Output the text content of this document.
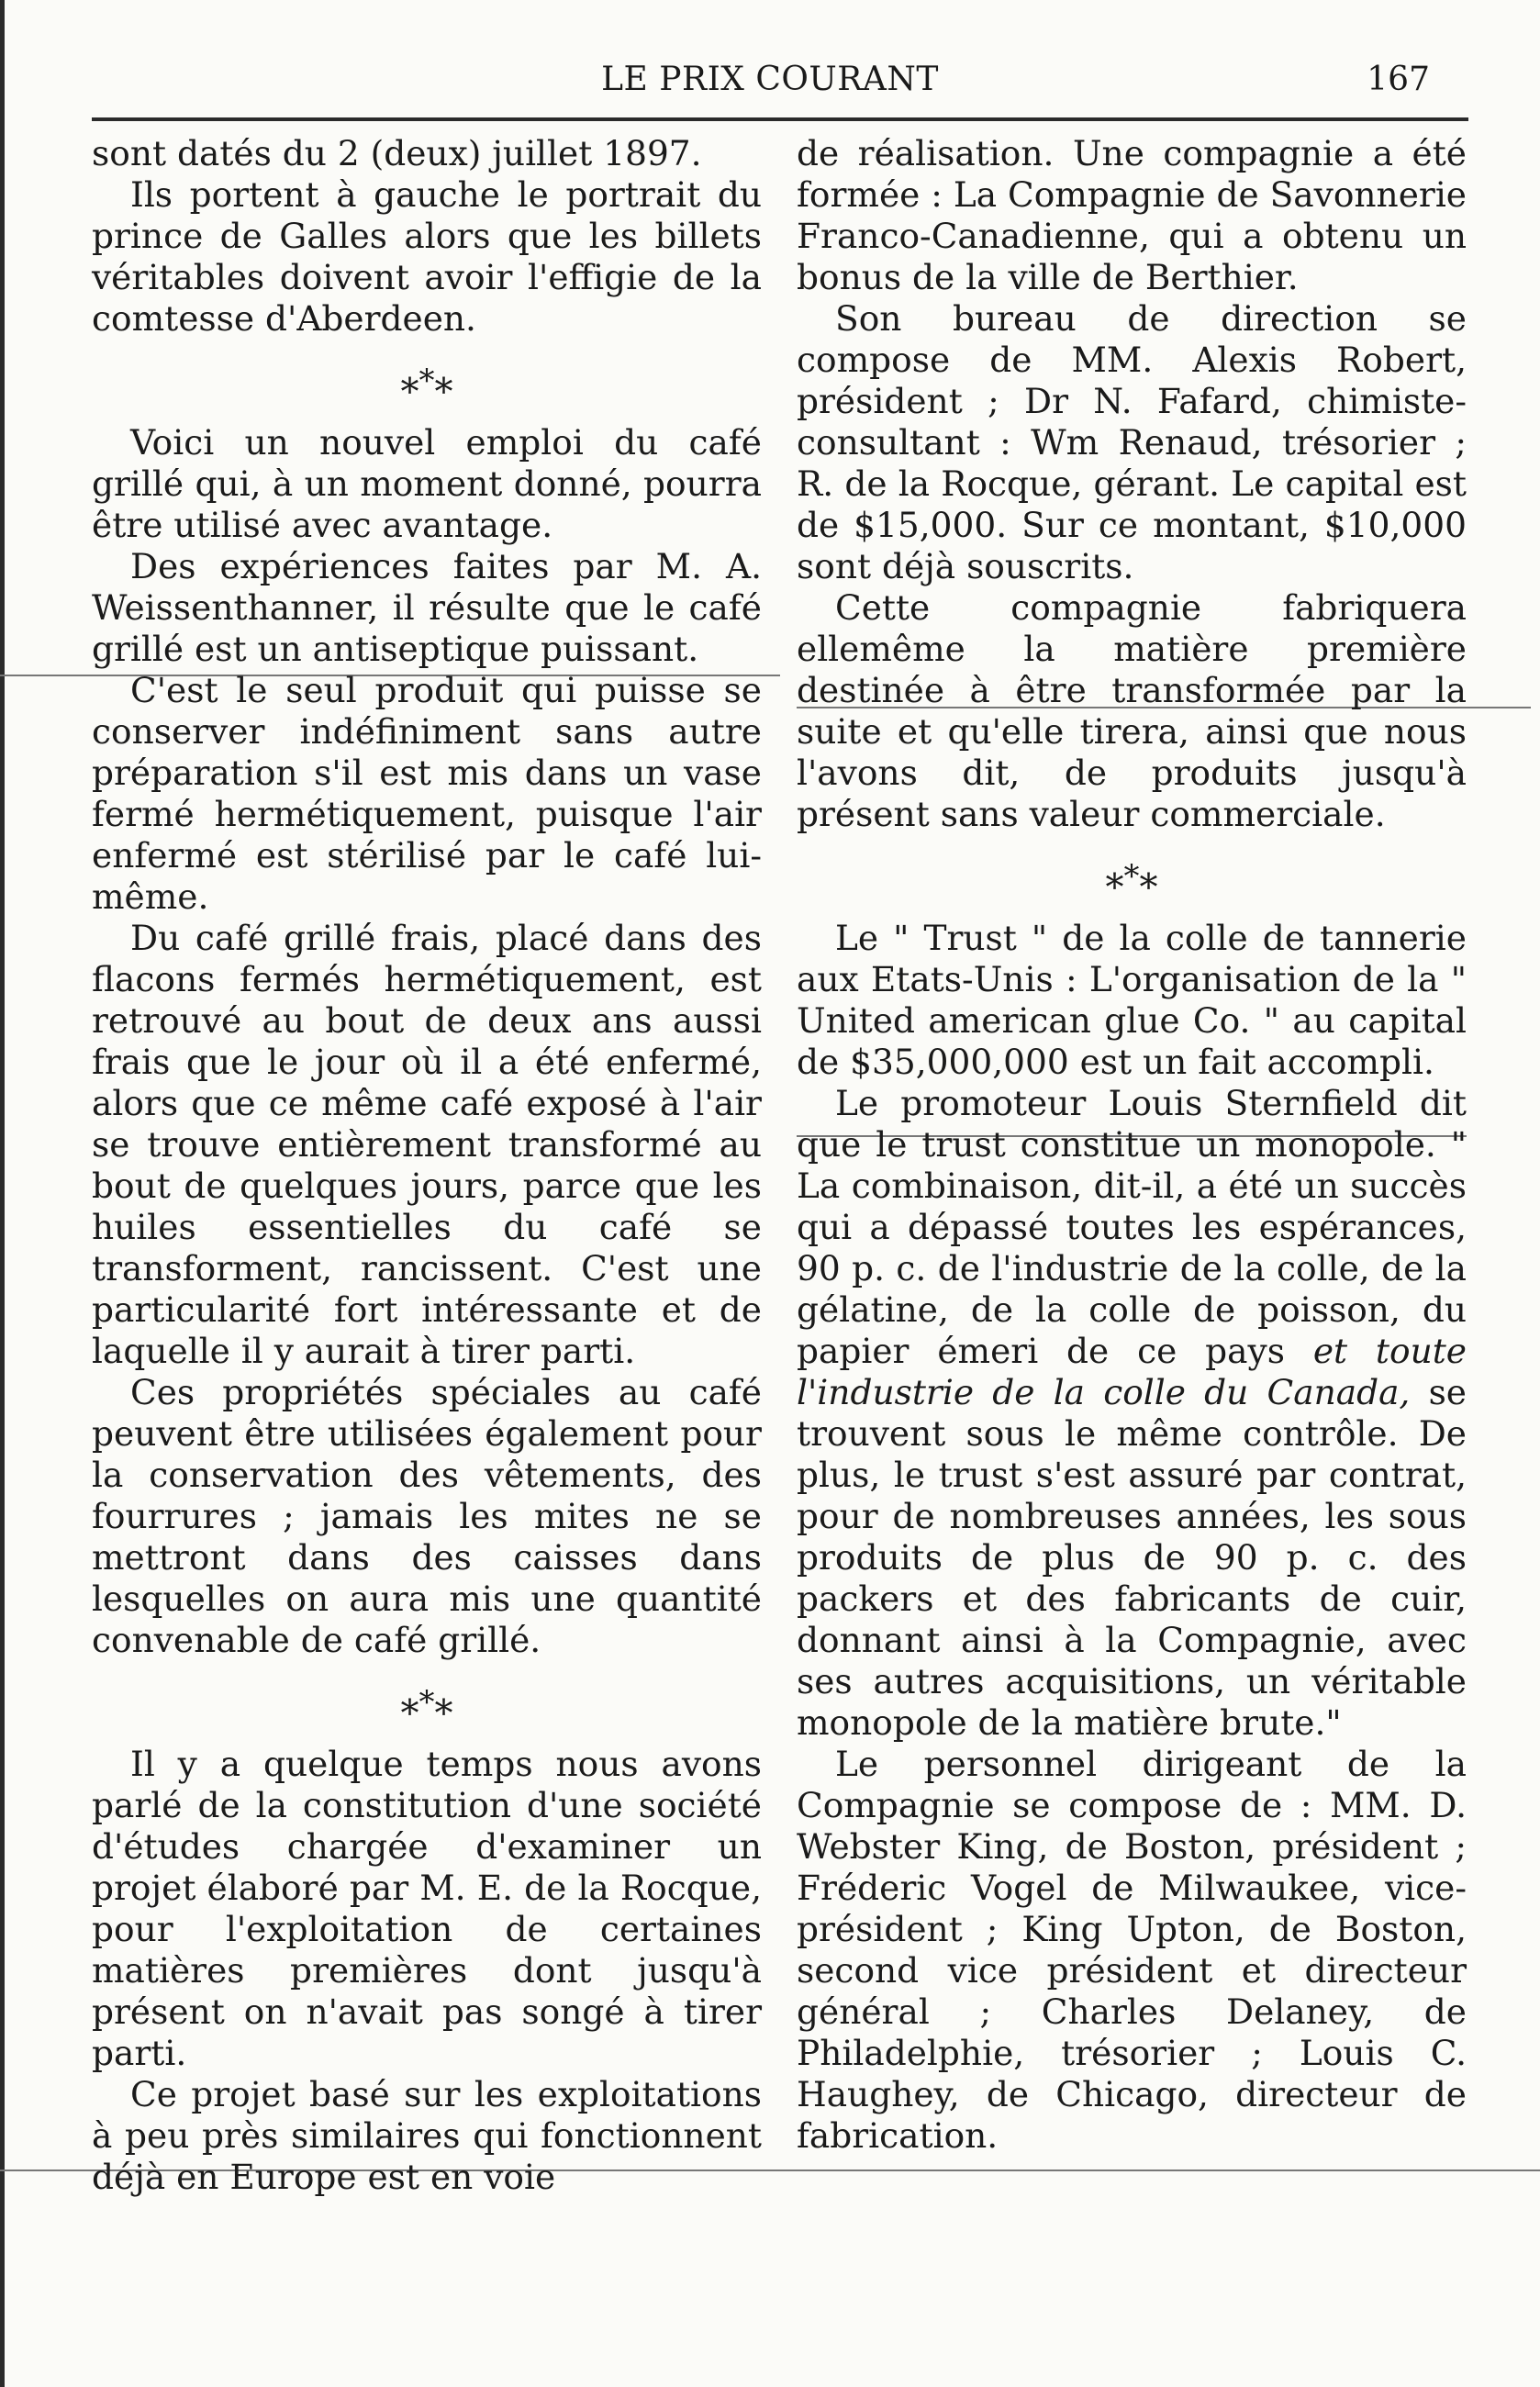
LE PRIX COURANT	167

sont datés du 2 (deux) juillet 1897.

Ils portent à gauche le portrait du prince de Galles alors que les billets véritables doivent avoir l'effigie de la comtesse d'Aberdeen.

***

Voici un nouvel emploi du café grillé qui, à un moment donné, pourra être utilisé avec avantage.

Des expériences faites par M. A. Weissenthanner, il résulte que le café grillé est un antiseptique puissant.

C'est le seul produit qui puisse se conserver indéfiniment sans autre préparation s'il est mis dans un vase fermé hermétiquement, puisque l'air enfermé est stérilisé par le café lui-même.

Du café grillé frais, placé dans des flacons fermés hermétiquement, est retrouvé au bout de deux ans aussi frais que le jour où il a été enfermé, alors que ce même café exposé à l'air se trouve entièrement transformé au bout de quelques jours, parce que les huiles essentielles du café se transforment, rancissent. C'est une particularité fort intéressante et de laquelle il y aurait à tirer parti.

Ces propriétés spéciales au café peuvent être utilisées également pour la conservation des vêtements, des fourrures ; jamais les mites ne se mettront dans des caisses dans lesquelles on aura mis une quantité convenable de café grillé.

***

Il y a quelque temps nous avons parlé de la constitution d'une société d'études chargée d'examiner un projet élaboré par M. E. de la Rocque, pour l'exploitation de certaines matières premières dont jusqu'à présent on n'avait pas songé à tirer parti.

Ce projet basé sur les exploitations à peu près similaires qui fonctionnent déjà en Europe est en voie

de réalisation. Une compagnie a été formée : La Compagnie de Savonnerie Franco-Canadienne, qui a obtenu un bonus de la ville de Berthier.

Son bureau de direction se compose de MM. Alexis Robert, président ; Dr N. Fafard, chimiste-consultant : Wm Renaud, trésorier ; R. de la Rocque, gérant. Le capital est de $15,000. Sur ce montant, $10,000 sont déjà souscrits.

Cette compagnie fabriquera ellemême la matière première destinée à être transformée par la suite et qu'elle tirera, ainsi que nous l'avons dit, de produits jusqu'à présent sans valeur commerciale.

***

Le " Trust " de la colle de tannerie aux Etats-Unis : L'organisation de la " United american glue Co. " au capital de $35,000,000 est un fait accompli.

Le promoteur Louis Sternfield dit que le trust constitue un monopole. " La combinaison, dit-il, a été un succès qui a dépassé toutes les espérances, 90 p. c. de l'industrie de la colle, de la gélatine, de la colle de poisson, du papier émeri de ce pays et toute l'industrie de la colle du Canada, se trouvent sous le même contrôle. De plus, le trust s'est assuré par contrat, pour de nombreuses années, les sous produits de plus de 90 p. c. des packers et des fabricants de cuir, donnant ainsi à la Compagnie, avec ses autres acquisitions, un véritable monopole de la matière brute."

Le personnel dirigeant de la Compagnie se compose de : MM. D. Webster King, de Boston, président ; Fréderic Vogel de Milwaukee, vice-président ; King Upton, de Boston, second vice président et directeur général ; Charles Delaney, de Philadelphie, trésorier ; Louis C. Haughey, de Chicago, directeur de fabrication.
